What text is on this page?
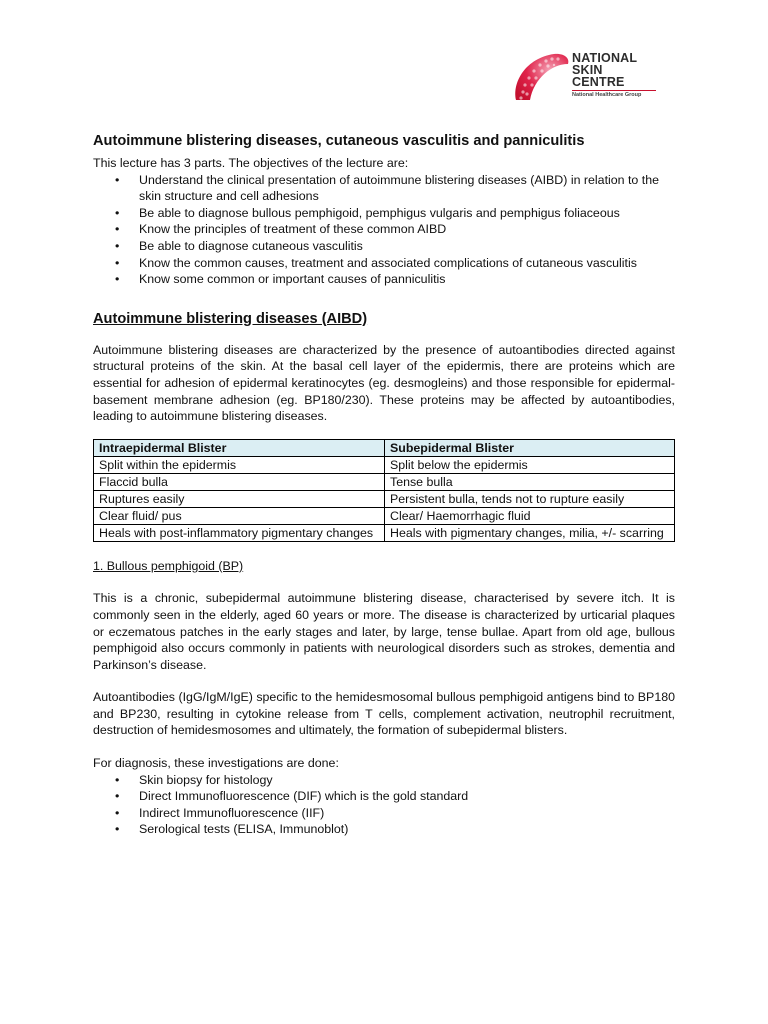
NATIONAL
SKIN
CENTRE
National Healthcare Group
Autoimmune blistering diseases, cutaneous vasculitis and panniculitis

This lecture has 3 parts. The objectives of the lecture are:

• Understand the clinical presentation of autoimmune blistering diseases (AIBD) in relation to the skin structure and cell adhesions
• Be able to diagnose bullous pemphigoid, pemphigus vulgaris and pemphigus foliaceous
• Know the principles of treatment of these common AIBD
• Be able to diagnose cutaneous vasculitis
• Know the common causes, treatment and associated complications of cutaneous vasculitis
• Know some common or important causes of panniculitis
Autoimmune blistering diseases (AIBD)

Autoimmune blistering diseases are characterized by the presence of autoantibodies directed against structural proteins of the skin. At the basal cell layer of the epidermis, there are proteins which are essential for adhesion of epidermal keratinocytes (eg. desmogleins) and those responsible for epidermal-basement membrane adhesion (eg. BP180/230). These proteins may be affected by autoantibodies, leading to autoimmune blistering diseases.

Intraepidermal Blister	Subepidermal Blister
Split within the epidermis	Split below the epidermis
Flaccid bulla	Tense bulla
Ruptures easily	Persistent bulla, tends not to rupture easily
Clear fluid/ pus	Clear/ Haemorrhagic fluid
Heals with post-inflammatory pigmentary changes	Heals with pigmentary changes, milia, +/- scarring

1. Bullous pemphigoid (BP)

This is a chronic, subepidermal autoimmune blistering disease, characterised by severe itch. It is commonly seen in the elderly, aged 60 years or more. The disease is characterized by urticarial plaques or eczematous patches in the early stages and later, by large, tense bullae. Apart from old age, bullous pemphigoid also occurs commonly in patients with neurological disorders such as strokes, dementia and Parkinson’s disease.

Autoantibodies (IgG/IgM/IgE) specific to the hemidesmosomal bullous pemphigoid antigens bind to BP180 and BP230, resulting in cytokine release from T cells, complement activation, neutrophil recruitment, destruction of hemidesmosomes and ultimately, the formation of subepidermal blisters.

For diagnosis, these investigations are done:

• Skin biopsy for histology
• Direct Immunofluorescence (DIF) which is the gold standard
• Indirect Immunofluorescence (IIF)
• Serological tests (ELISA, Immunoblot)
